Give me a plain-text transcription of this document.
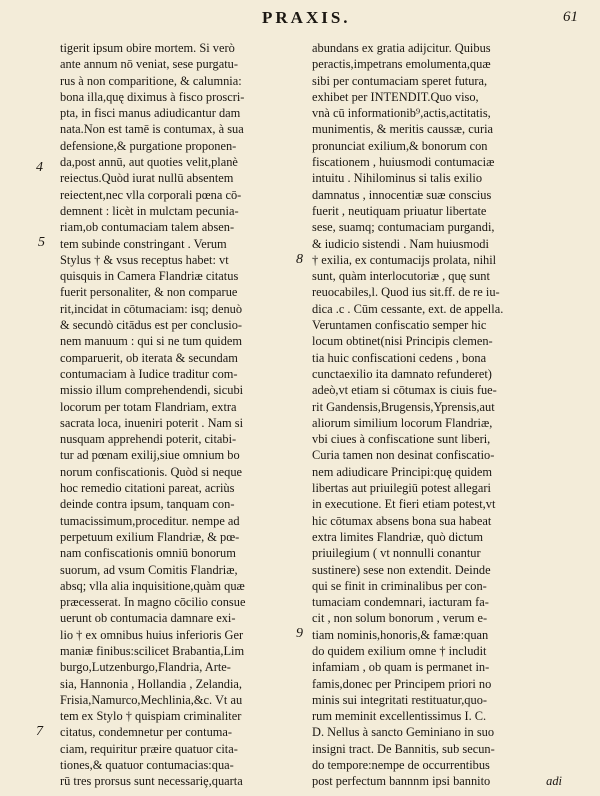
PRAXIS.	61
tigerit ipsum obire mortem. Si verò
ante annum nō veniat, sese purgatu-
rus à non comparitione, & calumnia:
bona illa,quę diximus à fisco proscri-
pta, in fisci manus adiudicantur dam
nata.Non est tamē is contumax, à sua
defensione,& purgatione proponen-
da,post annū, aut quoties velit,planè
reiectus.Quòd iurat nullū absentem
reiectent,nec vlla corporali pœna cō-
demnent : licèt in mulctam pecunia-
riam,ob contumaciam talem absen-
tem subinde constringant . Verum
Stylus † & vsus receptus habet: vt
quisquis in Camera Flandriæ citatus
fuerit personaliter, & non comparue
rit,incidat in cōtumaciam: isq; denuò
& secundò citādus est per conclusio-
nem manuum : qui si ne tum quidem
comparuerit, ob iterata & secundam
contumaciam à Iudice traditur com-
missio illum comprehendendi, sicubi
locorum per totam Flandriam, extra
sacrata loca, inueniri poterit . Nam si
nusquam apprehendi poterit, citabi-
tur ad pœnam exilij,siue omnium bo
norum confiscationis. Quòd si neque
hoc remedio citationi pareat, acriùs
deinde contra ipsum, tanquam con-
tumacissimum,proceditur. nempe ad
perpetuum exilium Flandriæ, & pœ-
nam confiscationis omniū bonorum
suorum, ad vsum Comitis Flandriæ,
absq; vlla alia inquisitione,quàm quæ
præcesserat. In magno cōcilio consue
uerunt ob contumacia damnare exi-
lio † ex omnibus huius inferioris Ger
maniæ finibus:scilicet Brabantia,Lim
burgo,Lutzenburgo,Flandria, Arte-
sia, Hannonia , Hollandia , Zelandia,
Frisia,Namurco,Mechlinia,&c. Vt au
tem ex Stylo † quispiam criminaliter
citatus, condemnetur per contuma-
ciam, requiritur præire quatuor cita-
tiones,& quatuor contumacias:qua-
rū tres prorsus sunt necessariȩ,quarta
abundans ex gratia adijcitur. Quibus
peractis,impetrans emolumenta,quæ
sibi per contumaciam speret futura,
exhibet per INTENDIT.Quo viso,
vnà cū informationib⁹,actis,actitatis,
munimentis, & meritis caussæ, curia
pronunciat exilium,& bonorum con
fiscationem , huiusmodi contumaciæ
intuitu . Nihilominus si talis exilio
damnatus , innocentiæ suæ conscius
fuerit , neutiquam priuatur libertate
sese, suamq; contumaciam purgandi,
& iudicio sistendi . Nam huiusmodi
† exilia, ex contumacijs prolata, nihil
sunt, quàm interlocutoriæ , quę sunt
reuocabiles,l. Quod ius sit.ff. de re iu-
dica .c . Cūm cessante, ext. de appella.
Veruntamen confiscatio semper hic
locum obtinet(nisi Principis clemen-
tia huic confiscationi cedens , bona
cunctaexilio ita damnato refunderet)
adeò,vt etiam si cōtumax is ciuis fue-
rit Gandensis,Brugensis,Yprensis,aut
aliorum similium locorum Flandriæ,
vbi ciues à confiscatione sunt liberi,
Curia tamen non desinat confiscatio-
nem adiudicare Principi:quę quidem
libertas aut priuilegiū potest allegari
in executione. Et fieri etiam potest,vt
hic cōtumax absens bona sua habeat
extra limites Flandriæ, quò dictum
priuilegium ( vt nonnulli conantur
sustinere) sese non extendit. Deinde
qui se finit in criminalibus per con-
tumaciam condemnari, iacturam fa-
cit , non solum bonorum , verum e-
tiam nominis,honoris,& famæ:quan
do quidem exilium omne † includit
infamiam , ob quam is permanet in-
famis,donec per Principem priori no
minis sui integritati restituatur,quo-
rum meminit excellentissimus I. C.
D. Nellus à sancto Geminiano in suo
insigni tract. De Bannitis, sub secun-
do tempore:nempe de occurrentibus
post perfectum bannnm ipsi bannito
4
5
7
8
9
adi
